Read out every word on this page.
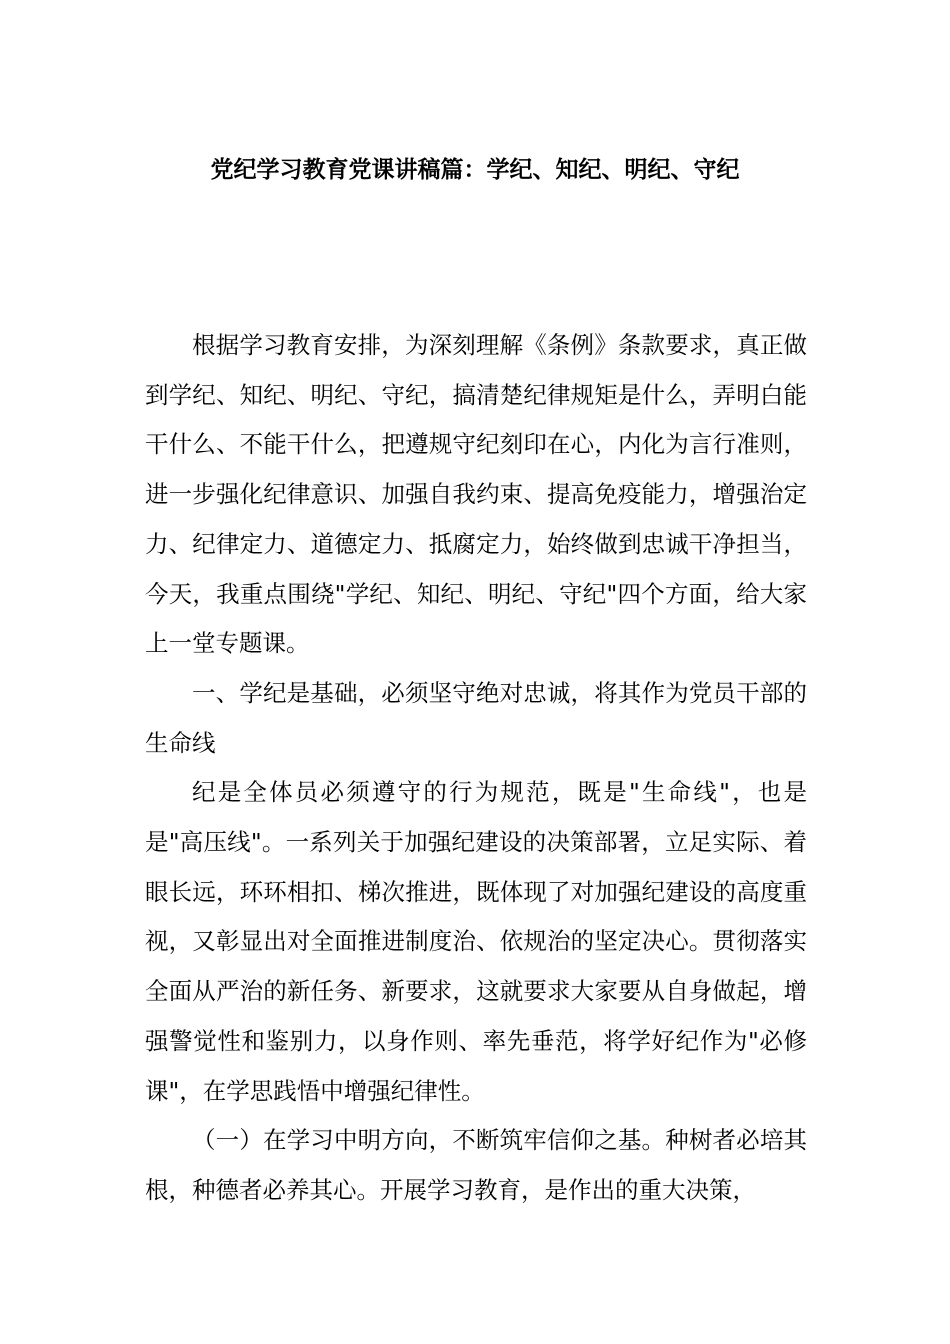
党纪学习教育党课讲稿篇：学纪、知纪、明纪、守纪

根据学习教育安排，为深刻理解《条例》条款要求，真正做到学纪、知纪、明纪、守纪，搞清楚纪律规矩是什么，弄明白能干什么、不能干什么，把遵规守纪刻印在心，内化为言行准则，进一步强化纪律意识、加强自我约束、提高免疫能力，增强治定力、纪律定力、道德定力、抵腐定力，始终做到忠诚干净担当，今天，我重点围绕"学纪、知纪、明纪、守纪"四个方面，给大家上一堂专题课。

一、学纪是基础，必须坚守绝对忠诚，将其作为党员干部的生命线

纪是全体员必须遵守的行为规范，既是"生命线"，也是是"高压线"。一系列关于加强纪建设的决策部署，立足实际、着眼长远，环环相扣、梯次推进，既体现了对加强纪建设的高度重视，又彰显出对全面推进制度治、依规治的坚定决心。贯彻落实全面从严治的新任务、新要求，这就要求大家要从自身做起，增强警觉性和鉴别力，以身作则、率先垂范，将学好纪作为"必修课"，在学思践悟中增强纪律性。

（一）在学习中明方向，不断筑牢信仰之基。种树者必培其根，种德者必养其心。开展学习教育，是作出的重大决策，
